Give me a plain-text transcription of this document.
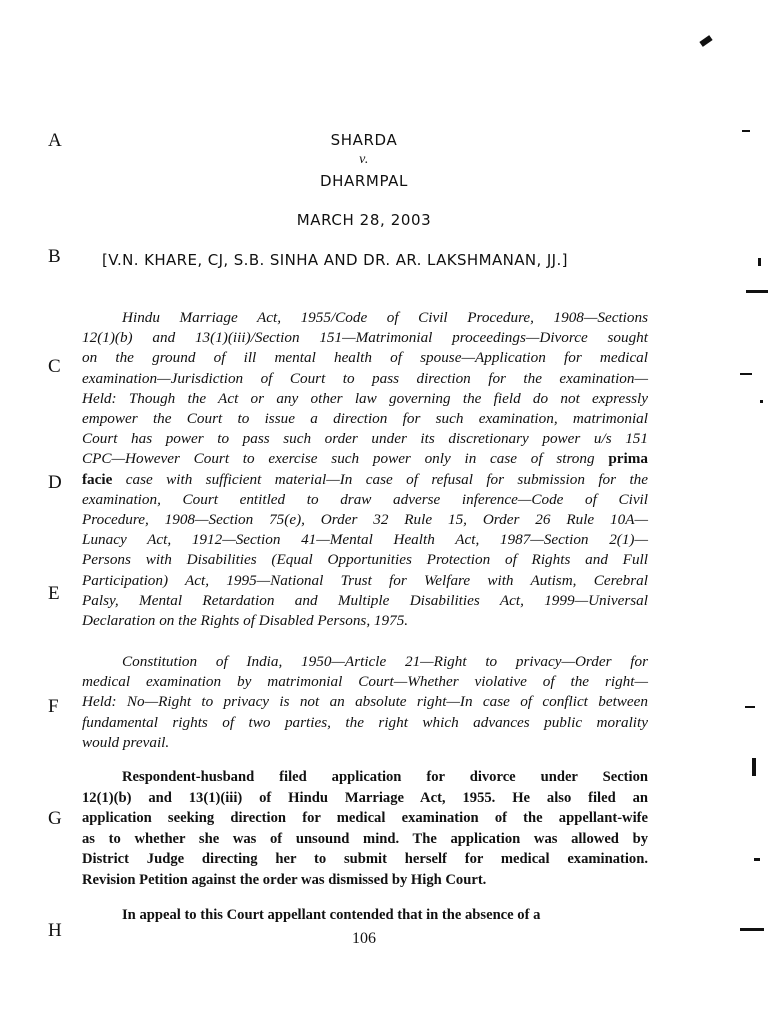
A
B
C
D
E
F
G
H
SHARDA
v.
DHARMPAL
MARCH 28, 2003
[V.N. KHARE, CJ, S.B. SINHA AND DR. AR. LAKSHMANAN, JJ.]
Hindu Marriage Act, 1955/Code of Civil Procedure, 1908—Sections
12(1)(b) and 13(1)(iii)/Section 151—Matrimonial proceedings—Divorce sought
on the ground of ill mental health of spouse—Application for medical
examination—Jurisdiction of Court to pass direction for the examination—
Held: Though the Act or any other law governing the field do not expressly
empower the Court to issue a direction for such examination, matrimonial
Court has power to pass such order under its discretionary power u/s 151
CPC—However Court to exercise such power only in case of strong prima
facie case with sufficient material—In case of refusal for submission for the
examination, Court entitled to draw adverse inference—Code of Civil
Procedure, 1908—Section 75(e), Order 32 Rule 15, Order 26 Rule 10A—
Lunacy Act, 1912—Section 41—Mental Health Act, 1987—Section 2(1)—
Persons with Disabilities (Equal Opportunities Protection of Rights and Full
Participation) Act, 1995—National Trust for Welfare with Autism, Cerebral
Palsy, Mental Retardation and Multiple Disabilities Act, 1999—Universal
Declaration on the Rights of Disabled Persons, 1975.
Constitution of India, 1950—Article 21—Right to privacy—Order for
medical examination by matrimonial Court—Whether violative of the right—
Held: No—Right to privacy is not an absolute right—In case of conflict between
fundamental rights of two parties, the right which advances public morality
would prevail.
Respondent-husband filed application for divorce under Section
12(1)(b) and 13(1)(iii) of Hindu Marriage Act, 1955. He also filed an
application seeking direction for medical examination of the appellant-wife
as to whether she was of unsound mind. The application was allowed by
District Judge directing her to submit herself for medical examination.
Revision Petition against the order was dismissed by High Court.
In appeal to this Court appellant contended that in the absence of a
106
